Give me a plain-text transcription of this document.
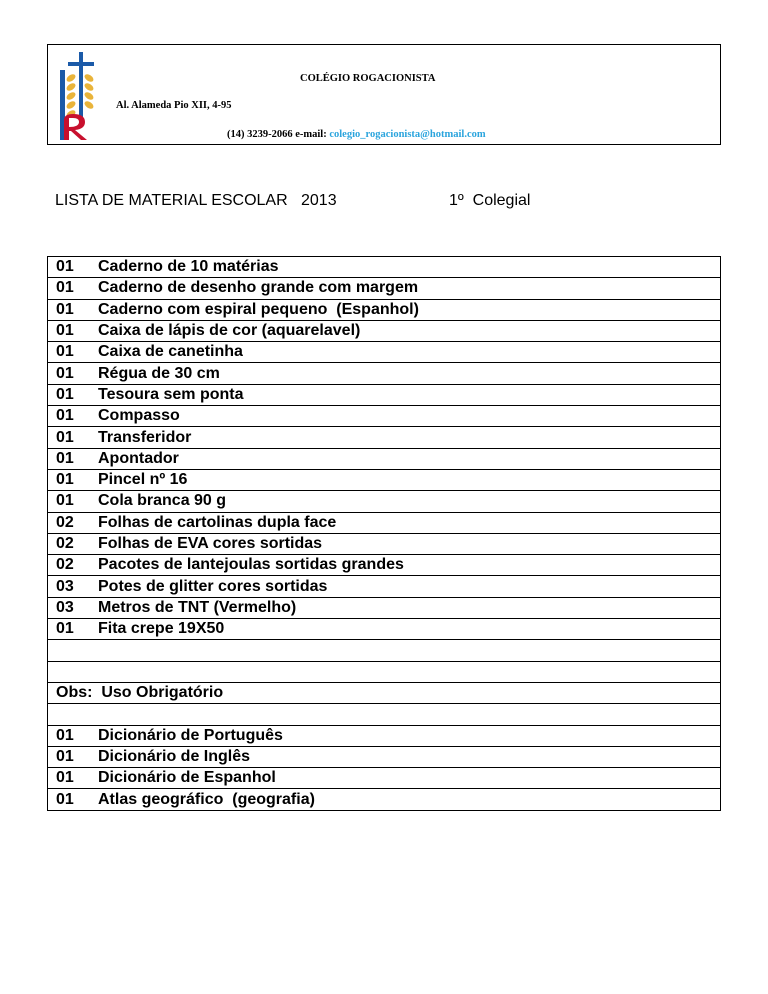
COLÉGIO ROGACIONISTA
Al. Alameda Pio XII, 4-95
(14) 3239-2066 e-mail: colegio_rogacionista@hotmail.com
LISTA DE MATERIAL ESCOLAR   2013	1º  Colegial
01 Caderno de 10 matérias
01 Caderno de desenho grande com margem
01 Caderno com espiral pequeno  (Espanhol)
01 Caixa de lápis de cor (aquarelavel)
01 Caixa de canetinha
01 Régua de 30 cm
01 Tesoura sem ponta
01 Compasso
01 Transferidor
01 Apontador
01 Pincel nº 16
01 Cola branca 90 g
02 Folhas de cartolinas dupla face
02 Folhas de EVA cores sortidas
02 Pacotes de lantejoulas sortidas grandes
03 Potes de glitter cores sortidas
03 Metros de TNT (Vermelho)
01 Fita crepe 19X50

Obs:  Uso Obrigatório

01 Dicionário de Português
01 Dicionário de Inglês
01 Dicionário de Espanhol
01 Atlas geográfico  (geografia)
